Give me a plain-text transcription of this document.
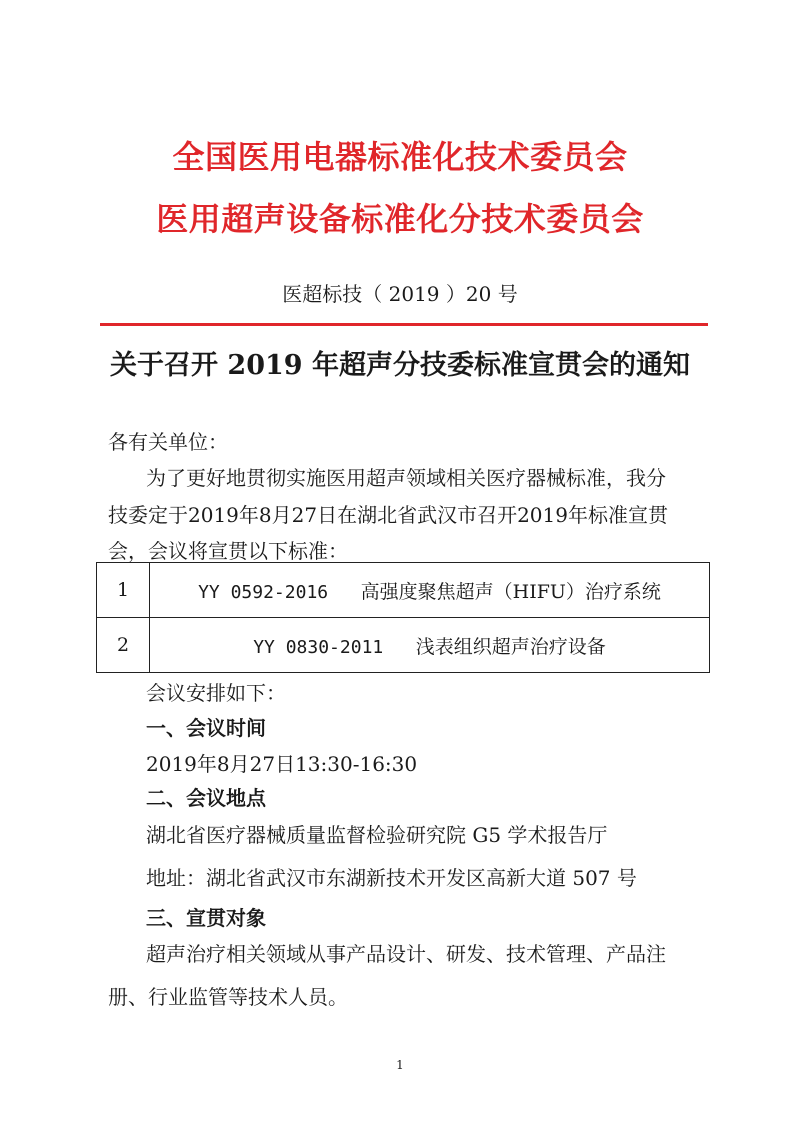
全国医用电器标准化技术委员会
医用超声设备标准化分技术委员会
医超标技（ 2019 ）20 号
关于召开 2019 年超声分技委标准宣贯会的通知
各有关单位：
为了更好地贯彻实施医用超声领域相关医疗器械标准，我分
技委定于2019年8月27日在湖北省武汉市召开2019年标准宣贯
会，会议将宣贯以下标准：
1	YY 0592-2016 高强度聚焦超声（HIFU）治疗系统
2	YY 0830-2011 浅表组织超声治疗设备
会议安排如下：
一、会议时间
2019年8月27日13:30-16:30
二、会议地点
湖北省医疗器械质量监督检验研究院 G5 学术报告厅
地址：湖北省武汉市东湖新技术开发区高新大道 507 号
三、宣贯对象
超声治疗相关领域从事产品设计、研发、技术管理、产品注
册、行业监管等技术人员。
1
